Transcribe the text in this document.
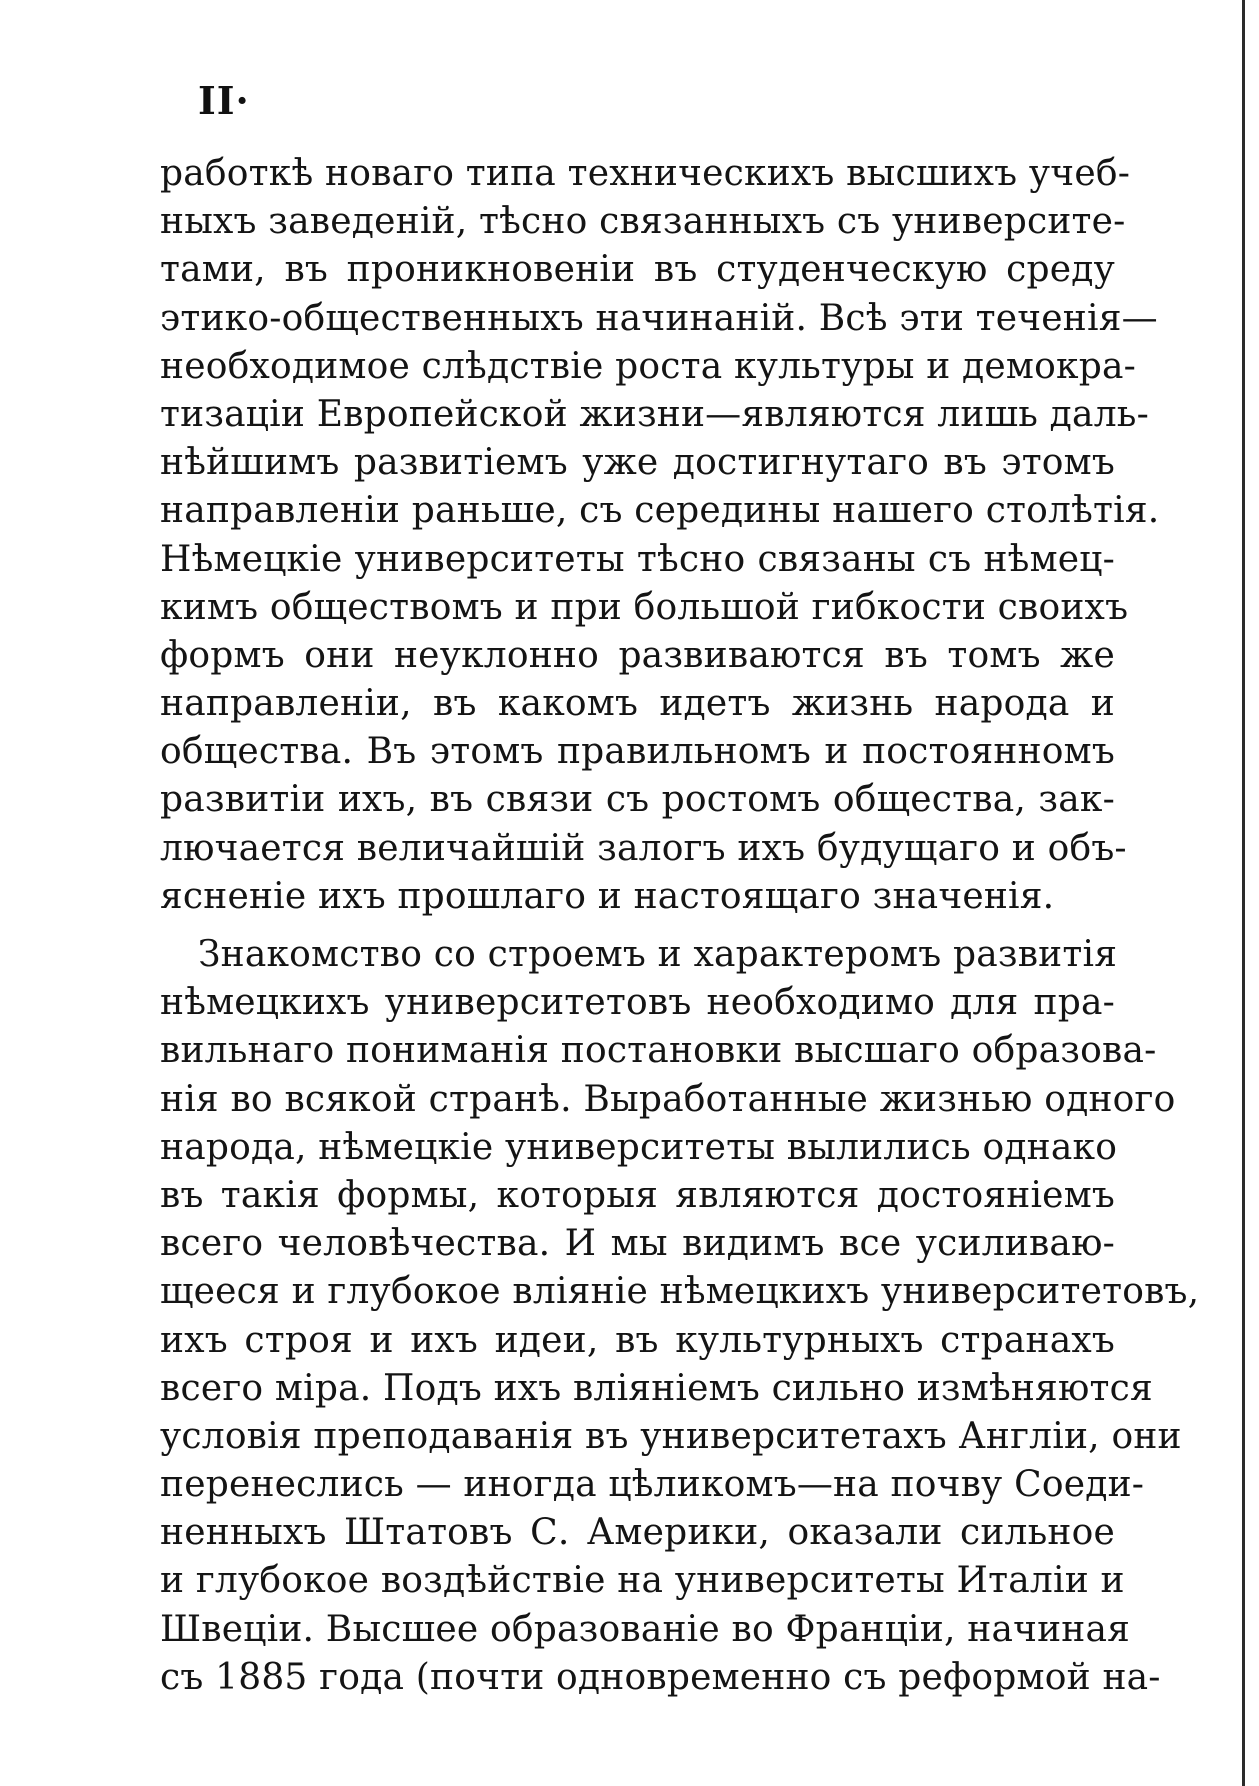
II·
работкѣ новаго типа техническихъ высшихъ учеб-
ныхъ заведеній, тѣсно связанныхъ съ университе-
тами, въ проникновеніи въ студенческую среду
этико-общественныхъ начинаній. Всѣ эти теченія—
необходимое слѣдствіе роста культуры и демокра-
тизаціи Европейской жизни—являются лишь даль-
нѣйшимъ развитіемъ уже достигнутаго въ этомъ
направленіи раньше, съ середины нашего столѣтія.
Нѣмецкіе университеты тѣсно связаны съ нѣмец-
кимъ обществомъ и при большой гибкости своихъ
формъ они неуклонно развиваются въ томъ же
направленіи, въ какомъ идетъ жизнь народа и
общества. Въ этомъ правильномъ и постоянномъ
развитіи ихъ, въ связи съ ростомъ общества, зак-
лючается величайшій залогъ ихъ будущаго и объ-
ясненіе ихъ прошлаго и настоящаго значенія.
Знакомство со строемъ и характеромъ развитія
нѣмецкихъ университетовъ необходимо для пра-
вильнаго пониманія постановки высшаго образова-
нія во всякой странѣ. Выработанные жизнью одного
народа, нѣмецкіе университеты вылились однако
въ такія формы, которыя являются достояніемъ
всего человѣчества. И мы видимъ все усиливаю-
щееся и глубокое вліяніе нѣмецкихъ университетовъ,
ихъ строя и ихъ идеи, въ культурныхъ странахъ
всего міра. Подъ ихъ вліяніемъ сильно измѣняются
условія преподаванія въ университетахъ Англіи, они
перенеслись — иногда цѣликомъ—на почву Соеди-
ненныхъ Штатовъ С. Америки, оказали сильное
и глубокое воздѣйствіе на университеты Италіи и
Швеціи. Высшее образованіе во Франціи, начиная
съ 1885 года (почти одновременно съ реформой на-
